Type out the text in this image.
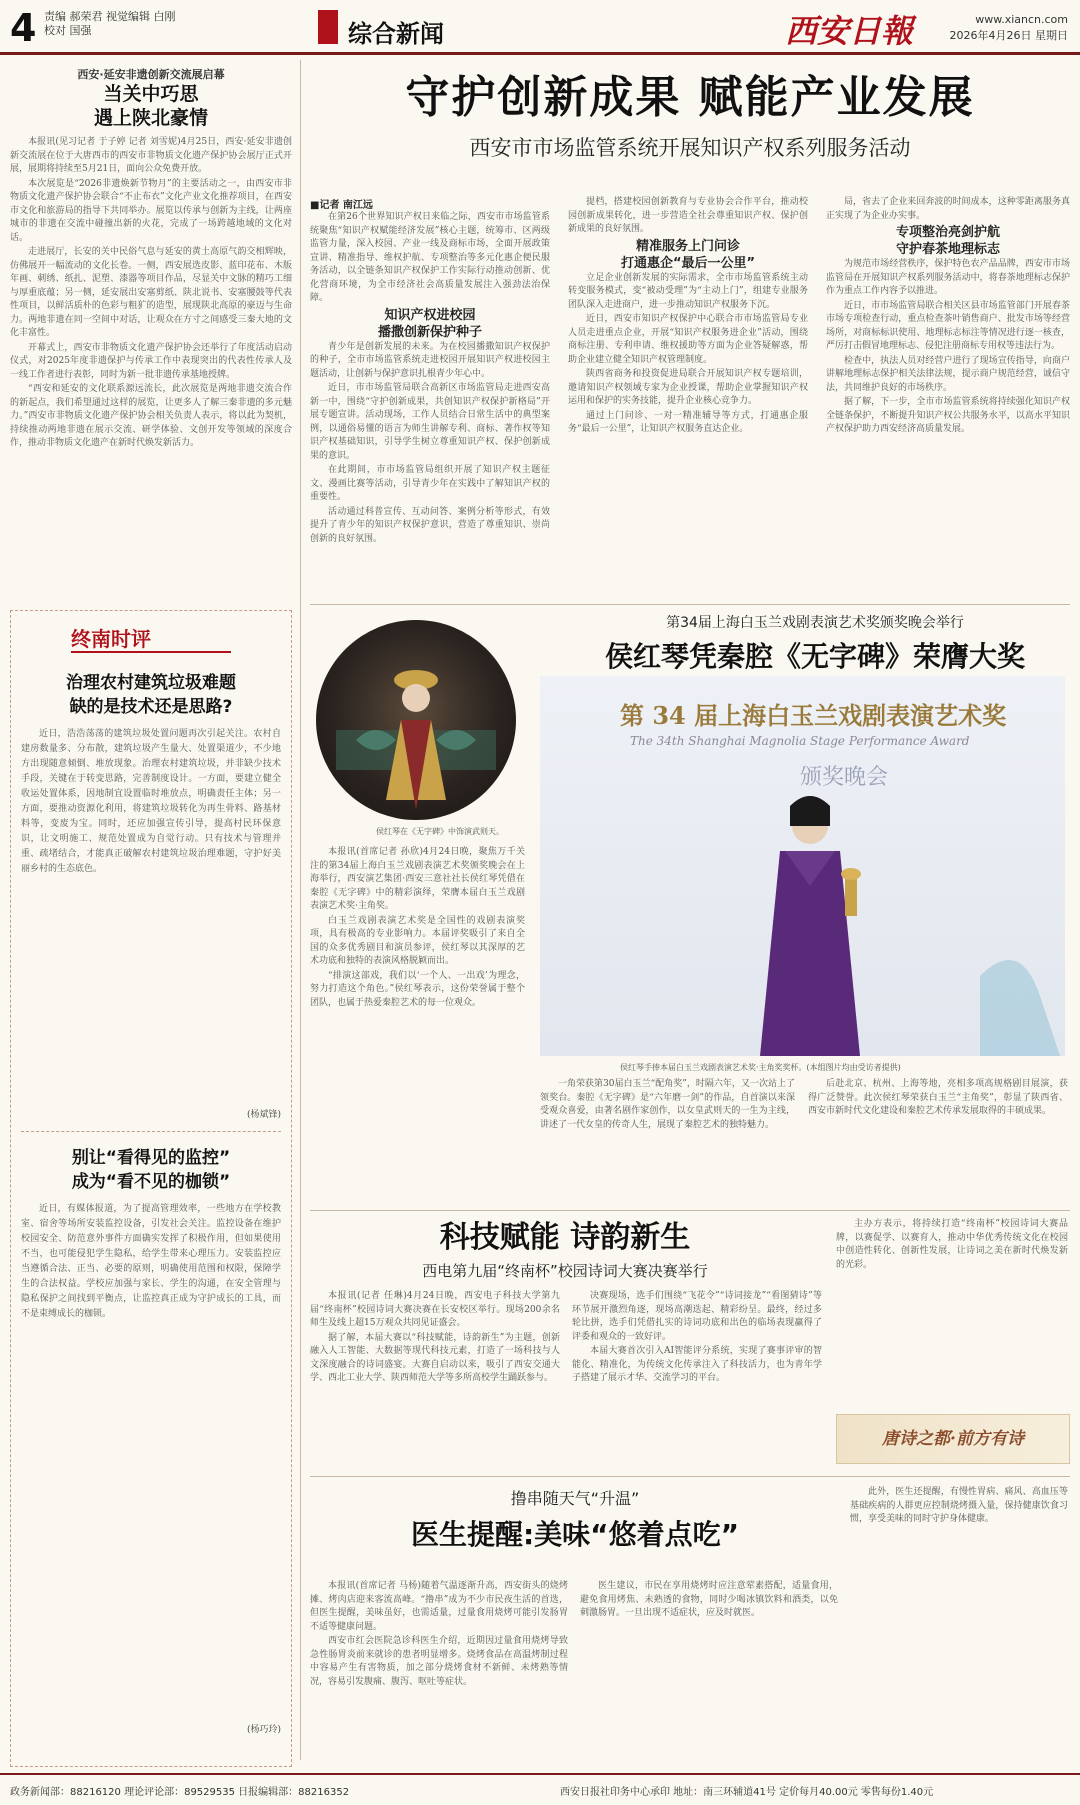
4 责编 郝荣君 视觉编辑 白刚
校对 国强	综合新闻	西安日報	www.xiancn.com
2026年4月26日 星期日
西安·延安非遗创新交流展启幕
当关中巧思
遇上陕北豪情

本报讯(见习记者 于子婷 记者 刘雪妮)4月25日，西安·延安非遗创新交流展在位于大唐西市的西安市非物质文化遗产保护协会展厅正式开展，展期将持续至5月21日，面向公众免费开放。

本次展览是“2026非遗焕新节物月”的主要活动之一，由西安市非物质文化遗产保护协会联合“不止布衣”文化产业文化推荐项目，在西安市文化和旅游局的指导下共同举办。展览以传承与创新为主线，让两座城市的非遗在交流中碰撞出新的火花，完成了一场跨越地域的文化对话。

走进展厅，长安的关中民俗气息与延安的黄土高原气韵交相辉映，仿佛展开一幅流动的文化长卷。一侧，西安展选皮影、蓝印花布、木版年画、刺绣、纸扎、泥塑、漆器等项目作品，尽显关中文脉的精巧工细与厚重底蕴；另一侧，延安展出安塞剪纸、陕北说书、安塞腰鼓等代表性项目，以鲜活质朴的色彩与粗犷的造型，展现陕北高原的豪迈与生命力。两地非遗在同一空间中对话，让观众在方寸之间感受三秦大地的文化丰富性。

开幕式上，西安市非物质文化遗产保护协会还举行了年度活动启动仪式，对2025年度非遗保护与传承工作中表现突出的代表性传承人及一线工作者进行表彰，同时为新一批非遗传承基地授牌。

“西安和延安的文化联系源远流长，此次展览是两地非遗交流合作的新起点，我们希望通过这样的展览，让更多人了解三秦非遗的多元魅力。”西安市非物质文化遗产保护协会相关负责人表示，将以此为契机，持续推动两地非遗在展示交流、研学体验、文创开发等领域的深度合作，推动非物质文化遗产在新时代焕发新活力。

终南时评
治理农村建筑垃圾难题
缺的是技术还是思路?

近日，浩浩荡荡的建筑垃圾处置问题再次引起关注。农村自建房数量多、分布散，建筑垃圾产生量大、处置渠道少，不少地方出现随意倾倒、堆放现象。治理农村建筑垃圾，并非缺少技术手段，关键在于转变思路，完善制度设计。一方面，要建立健全收运处置体系，因地制宜设置临时堆放点，明确责任主体；另一方面，要推动资源化利用，将建筑垃圾转化为再生骨料、路基材料等，变废为宝。同时，还应加强宣传引导，提高村民环保意识，让文明施工、规范处置成为自觉行动。只有技术与管理并重、疏堵结合，才能真正破解农村建筑垃圾治理难题，守护好美丽乡村的生态底色。

(杨斌锋)
别让“看得见的监控”
成为“看不见的枷锁”

近日，有媒体报道，为了提高管理效率，一些地方在学校教室、宿舍等场所安装监控设备，引发社会关注。监控设备在维护校园安全、防范意外事件方面确实发挥了积极作用，但如果使用不当，也可能侵犯学生隐私，给学生带来心理压力。安装监控应当遵循合法、正当、必要的原则，明确使用范围和权限，保障学生的合法权益。学校应加强与家长、学生的沟通，在安全管理与隐私保护之间找到平衡点，让监控真正成为守护成长的工具，而不是束缚成长的枷锁。

(杨巧玲)
守护创新成果 赋能产业发展
西安市市场监管系统开展知识产权系列服务活动
■记者 南江远

在第26个世界知识产权日来临之际，西安市市场监管系统聚焦“知识产权赋能经济发展”核心主题，统筹市、区两级监管力量，深入校园、产业一线及商标市场，全面开展政策宣讲、精准指导、维权护航、专项整治等多元化惠企便民服务活动，以全链条知识产权保护工作实际行动推动创新、优化营商环境，为全市经济社会高质量发展注入强劲法治保障。

知识产权进校园
播撒创新保护种子

青少年是创新发展的未来。为在校园播撒知识产权保护的种子，全市市场监管系统走进校园开展知识产权进校园主题活动，让创新与保护意识扎根青少年心中。

近日，市市场监管局联合高新区市场监管局走进西安高新一中，围绕“守护创新成果，共创知识产权保护新格局”开展专题宣讲。活动现场，工作人员结合日常生活中的典型案例，以通俗易懂的语言为师生讲解专利、商标、著作权等知识产权基础知识，引导学生树立尊重知识产权、保护创新成果的意识。

在此期间，市市场监管局组织开展了知识产权主题征文、漫画比赛等活动，引导青少年在实践中了解知识产权的重要性。

活动通过科普宣传、互动问答、案例分析等形式，有效提升了青少年的知识产权保护意识，营造了尊重知识、崇尚创新的良好氛围。

提档，搭建校园创新教育与专业协会合作平台，推动校园创新成果转化，进一步营造全社会尊重知识产权、保护创新成果的良好氛围。

精准服务上门问诊
打通惠企“最后一公里”

立足企业创新发展的实际需求，全市市场监管系统主动转变服务模式，变“被动受理”为“主动上门”，组建专业服务团队深入走进商户，进一步推动知识产权服务下沉。

近日，西安市知识产权保护中心联合市市场监管局专业人员走进重点企业，开展“知识产权服务进企业”活动，围绕商标注册、专利申请、维权援助等方面为企业答疑解惑，帮助企业建立健全知识产权管理制度。

陕西省商务和投资促进局联合开展知识产权专题培训，邀请知识产权领域专家为企业授课，帮助企业掌握知识产权运用和保护的实务技能，提升企业核心竞争力。

通过上门问诊、一对一精准辅导等方式，打通惠企服务“最后一公里”，让知识产权服务直达企业。

局，省去了企业来回奔波的时间成本，这种零距离服务真正实现了为企业办实事。

专项整治亮剑护航
守护春茶地理标志

为规范市场经营秩序，保护特色农产品品牌，西安市市场监管局在开展知识产权系列服务活动中，将春茶地理标志保护作为重点工作内容予以推进。

近日，市市场监管局联合相关区县市场监管部门开展春茶市场专项检查行动，重点检查茶叶销售商户、批发市场等经营场所，对商标标识使用、地理标志标注等情况进行逐一核查，严厉打击假冒地理标志、侵犯注册商标专用权等违法行为。

检查中，执法人员对经营户进行了现场宣传指导，向商户讲解地理标志保护相关法律法规，提示商户规范经营，诚信守法，共同维护良好的市场秩序。

据了解，下一步，全市市场监管系统将持续强化知识产权全链条保护，不断提升知识产权公共服务水平，以高水平知识产权保护助力西安经济高质量发展。

第34届上海白玉兰戏剧表演艺术奖颁奖晚会举行
侯红琴凭秦腔《无字碑》荣膺大奖
侯红琴在《无字碑》中饰演武则天。

本报讯(首席记者 孙欣)4月24日晚，聚焦万千关注的第34届上海白玉兰戏剧表演艺术奖颁奖晚会在上海举行，西安演艺集团·西安三意社社长侯红琴凭借在秦腔《无字碑》中的精彩演绎，荣膺本届白玉兰戏剧表演艺术奖·主角奖。

白玉兰戏剧表演艺术奖是全国性的戏剧表演奖项，具有极高的专业影响力。本届评奖吸引了来自全国的众多优秀剧目和演员参评，侯红琴以其深厚的艺术功底和独特的表演风格脱颖而出。

“排演这部戏，我们以‘一个人、一出戏’为理念，努力打造这个角色。”侯红琴表示，这份荣誉属于整个团队，也属于热爱秦腔艺术的每一位观众。

第 34 届上海白玉兰戏剧表演艺术奖
The 34th Shanghai Magnolia Stage Performance Award
颁奖晚会
侯红琴手捧本届白玉兰戏剧表演艺术奖·主角奖奖杯。(本组图片均由受访者提供)

一角荣获第30届白玉兰“配角奖”，时隔六年，又一次站上了领奖台。秦腔《无字碑》是“六年磨一剑”的作品，自首演以来深受观众喜爱，由著名剧作家创作，以女皇武则天的一生为主线，讲述了一代女皇的传奇人生，展现了秦腔艺术的独特魅力。

后赴北京、杭州、上海等地，亮相多项高规格剧目展演，获得广泛赞誉。此次侯红琴荣获白玉兰“主角奖”，彰显了陕西省、西安市新时代文化建设和秦腔艺术传承发展取得的丰硕成果。

科技赋能 诗韵新生
西电第九届“终南杯”校园诗词大赛决赛举行

本报讯(记者 任琳)4月24日晚，西安电子科技大学第九届“终南杯”校园诗词大赛决赛在长安校区举行。现场200余名师生及线上超15万观众共同见证盛会。

据了解，本届大赛以“科技赋能，诗韵新生”为主题，创新融入人工智能、大数据等现代科技元素，打造了一场科技与人文深度融合的诗词盛宴。大赛自启动以来，吸引了西安交通大学、西北工业大学、陕西师范大学等多所高校学生踊跃参与。

决赛现场，选手们围绕“飞花令”“诗词接龙”“看图猜诗”等环节展开激烈角逐，现场高潮迭起、精彩纷呈。最终，经过多轮比拼，选手们凭借扎实的诗词功底和出色的临场表现赢得了评委和观众的一致好评。

本届大赛首次引入AI智能评分系统，实现了赛事评审的智能化、精准化，为传统文化传承注入了科技活力，也为青年学子搭建了展示才华、交流学习的平台。

主办方表示，将持续打造“终南杯”校园诗词大赛品牌，以赛促学、以赛育人，推动中华优秀传统文化在校园中创造性转化、创新性发展，让诗词之美在新时代焕发新的光彩。

唐诗之都·前方有诗
撸串随天气“升温”
医生提醒:美味“悠着点吃”

本报讯(首席记者 马杨)随着气温逐渐升高，西安街头的烧烤摊、烤肉店迎来客流高峰。“撸串”成为不少市民夜生活的首选，但医生提醒，美味虽好，也需适量，过量食用烧烤可能引发肠胃不适等健康问题。

西安市红会医院急诊科医生介绍，近期因过量食用烧烤导致急性肠胃炎前来就诊的患者明显增多。烧烤食品在高温烤制过程中容易产生有害物质，加之部分烧烤食材不新鲜、未烤熟等情况，容易引发腹痛、腹泻、呕吐等症状。

医生建议，市民在享用烧烤时应注意荤素搭配，适量食用，避免食用烤焦、未熟透的食物，同时少喝冰镇饮料和酒类，以免刺激肠胃。一旦出现不适症状，应及时就医。

此外，医生还提醒，有慢性胃病、痛风、高血压等基础疾病的人群更应控制烧烤摄入量，保持健康饮食习惯，享受美味的同时守护身体健康。

政务新闻部：88216120 理论评论部：89529535 日报编辑部：88216352	西安日报社印务中心承印 地址：南三环辅道41号 定价每月40.00元 零售每份1.40元
